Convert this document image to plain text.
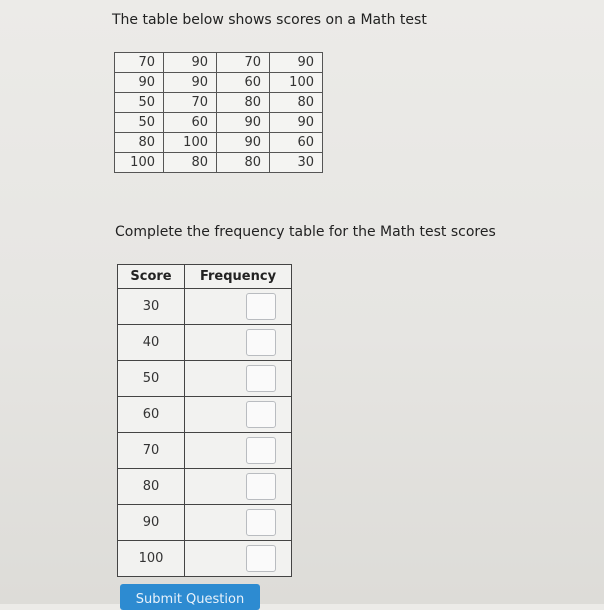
The table below shows scores on a Math test
70	90	70	90
90	90	60	100
50	70	80	80
50	60	90	90
80	100	90	60
100	80	80	30
Complete the frequency table for the Math test scores
Score	Frequency
30	

40	

50	

60	

70	

80	

90	

100	
Submit Question
